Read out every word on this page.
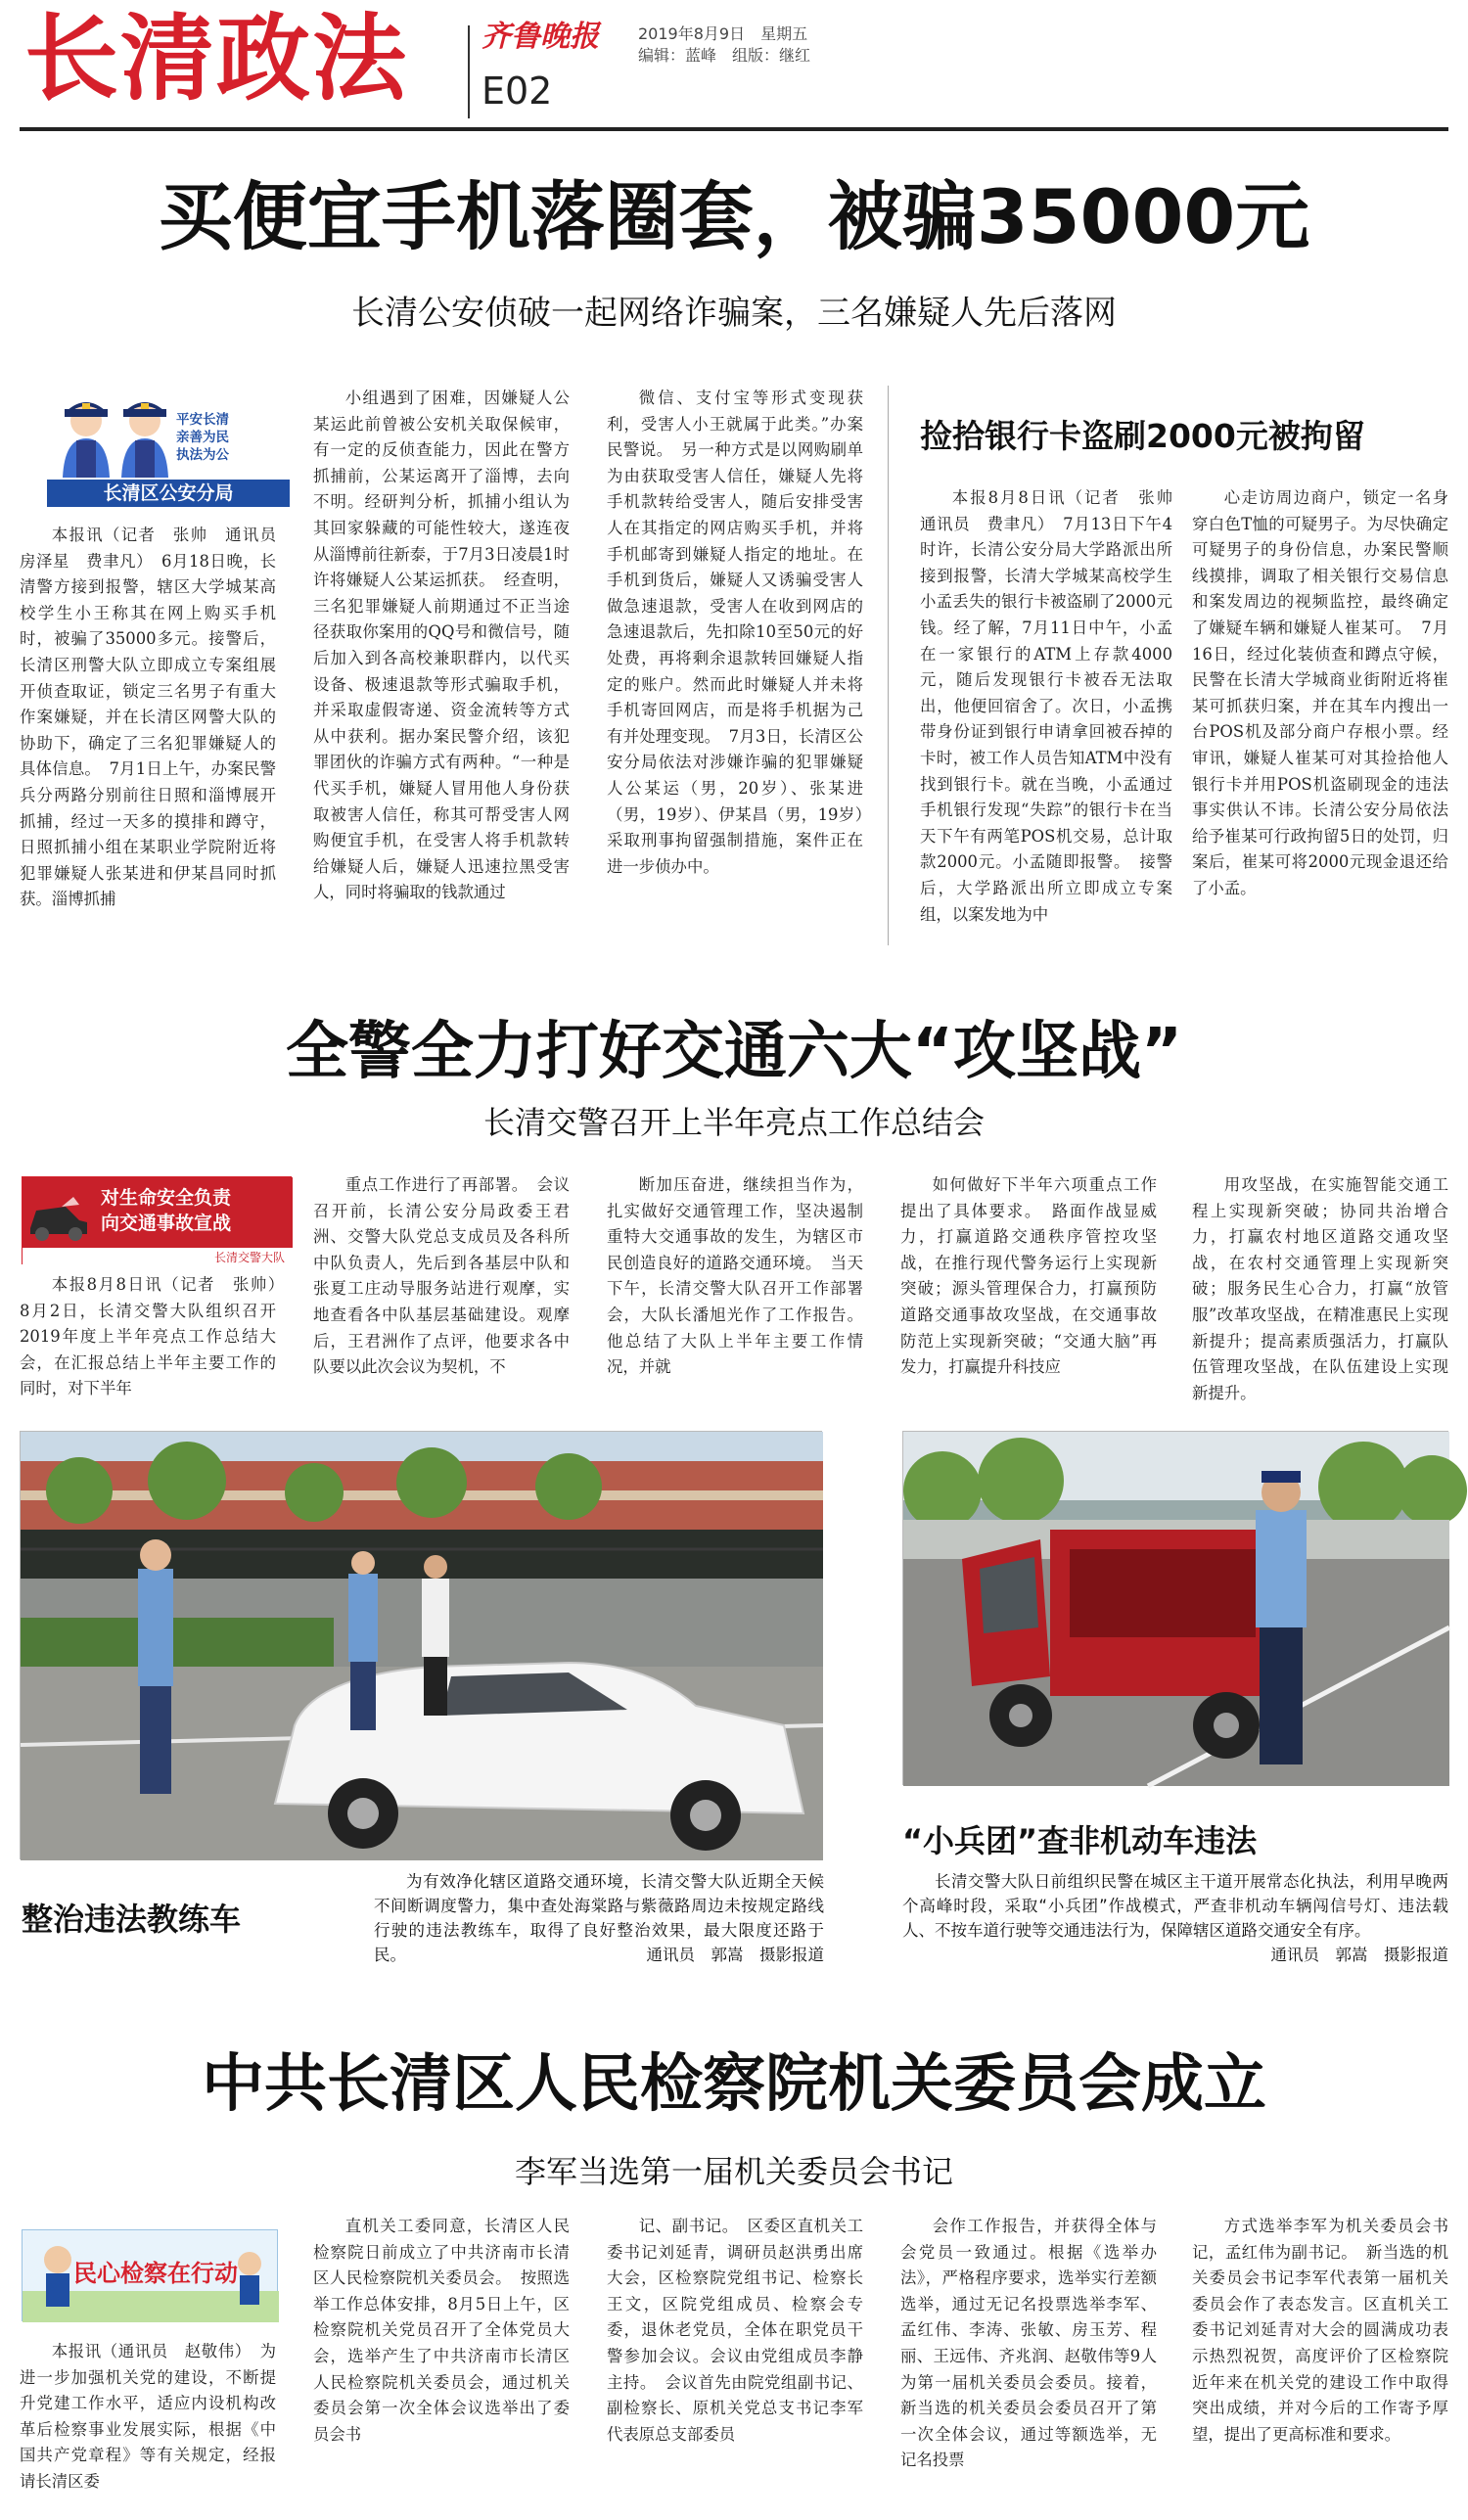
长清政法	齐鲁晚报
E02
2019年8月9日　星期五
编辑：蓝峰　组版：继红
买便宜手机落圈套，被骗35000元
长清公安侦破一起网络诈骗案，三名嫌疑人先后落网
平安长清
亲善为民
执法为公
长清区公安分局

本报讯（记者　张帅　通讯员　房泽星　费聿凡）　6月18日晚，长清警方接到报警，辖区大学城某高校学生小王称其在网上购买手机时，被骗了35000多元。接警后，长清区刑警大队立即成立专案组展开侦查取证，锁定三名男子有重大作案嫌疑，并在长清区网警大队的协助下，确定了三名犯罪嫌疑人的具体信息。　7月1日上午，办案民警兵分两路分别前往日照和淄博展开抓捕，经过一天多的摸排和蹲守，日照抓捕小组在某职业学院附近将犯罪嫌疑人张某进和伊某昌同时抓获。淄博抓捕

小组遇到了困难，因嫌疑人公某运此前曾被公安机关取保候审，有一定的反侦查能力，因此在警方抓捕前，公某运离开了淄博，去向不明。经研判分析，抓捕小组认为其回家躲藏的可能性较大，遂连夜从淄博前往新泰，于7月3日凌晨1时许将嫌疑人公某运抓获。　经查明，三名犯罪嫌疑人前期通过不正当途径获取你案用的QQ号和微信号，随后加入到各高校兼职群内，以代买设备、极速退款等形式骗取手机，并采取虚假寄递、资金流转等方式从中获利。据办案民警介绍，该犯罪团伙的诈骗方式有两种。“一种是代买手机，嫌疑人冒用他人身份获取被害人信任，称其可帮受害人网购便宜手机，在受害人将手机款转给嫌疑人后，嫌疑人迅速拉黑受害人，同时将骗取的钱款通过

微信、支付宝等形式变现获利，受害人小王就属于此类。”办案民警说。　另一种方式是以网购刷单为由获取受害人信任，嫌疑人先将手机款转给受害人，随后安排受害人在其指定的网店购买手机，并将手机邮寄到嫌疑人指定的地址。在手机到货后，嫌疑人又诱骗受害人做急速退款，受害人在收到网店的急速退款后，先扣除10至50元的好处费，再将剩余退款转回嫌疑人指定的账户。然而此时嫌疑人并未将手机寄回网店，而是将手机据为己有并处理变现。　7月3日，长清区公安分局依法对涉嫌诈骗的犯罪嫌疑人公某运（男，20岁）、张某进（男，19岁）、伊某昌（男，19岁）采取刑事拘留强制措施，案件正在进一步侦办中。

捡拾银行卡盗刷2000元被拘留

本报8月8日讯（记者　张帅　通讯员　费聿凡）　7月13日下午4时许，长清公安分局大学路派出所接到报警，长清大学城某高校学生小孟丢失的银行卡被盗刷了2000元钱。经了解，7月11日中午，小孟在一家银行的ATM上存款4000元，随后发现银行卡被吞无法取出，他便回宿舍了。次日，小孟携带身份证到银行申请拿回被吞掉的卡时，被工作人员告知ATM中没有找到银行卡。就在当晚，小孟通过手机银行发现“失踪”的银行卡在当天下午有两笔POS机交易，总计取款2000元。小孟随即报警。　接警后，大学路派出所立即成立专案组，以案发地为中

心走访周边商户，锁定一名身穿白色T恤的可疑男子。为尽快确定可疑男子的身份信息，办案民警顺线摸排，调取了相关银行交易信息和案发周边的视频监控，最终确定了嫌疑车辆和嫌疑人崔某可。　7月16日，经过化装侦查和蹲点守候，民警在长清大学城商业街附近将崔某可抓获归案，并在其车内搜出一台POS机及部分商户存根小票。经审讯，嫌疑人崔某可对其捡拾他人银行卡并用POS机盗刷现金的违法事实供认不讳。长清公安分局依法给予崔某可行政拘留5日的处罚，归案后，崔某可将2000元现金退还给了小孟。

全警全力打好交通六大“攻坚战”
长清交警召开上半年亮点工作总结会
对生命安全负责
向交通事故宣战
长清交警大队

本报8月8日讯（记者　张帅）　8月2日，长清交警大队组织召开2019年度上半年亮点工作总结大会，在汇报总结上半年主要工作的同时，对下半年

重点工作进行了再部署。　会议召开前，长清公安分局政委王君洲、交警大队党总支成员及各科所中队负责人，先后到各基层中队和张夏工庄动导服务站进行观摩，实地查看各中队基层基础建设。观摩后，王君洲作了点评，他要求各中队要以此次会议为契机，不

断加压奋进，继续担当作为，扎实做好交通管理工作，坚决遏制重特大交通事故的发生，为辖区市民创造良好的道路交通环境。　当天下午，长清交警大队召开工作部署会，大队长潘旭光作了工作报告。他总结了大队上半年主要工作情况，并就

如何做好下半年六项重点工作提出了具体要求。　路面作战显威力，打赢道路交通秩序管控攻坚战，在推行现代警务运行上实现新突破；源头管理保合力，打赢预防道路交通事故攻坚战，在交通事故防范上实现新突破；“交通大脑”再发力，打赢提升科技应

用攻坚战，在实施智能交通工程上实现新突破；协同共治增合力，打赢农村地区道路交通攻坚战，在农村交通管理上实现新突破；服务民生心合力，打赢“放管服”改革攻坚战，在精准惠民上实现新提升；提高素质强活力，打赢队伍管理攻坚战，在队伍建设上实现新提升。

整治违法教练车
为有效净化辖区道路交通环境，长清交警大队近期全天候不间断调度警力，集中查处海棠路与紫薇路周边未按规定路线行驶的违法教练车，取得了良好整治效果，最大限度还路于民。	通讯员　郭嵩　摄影报道
“小兵团”查非机动车违法
长清交警大队日前组织民警在城区主干道开展常态化执法，利用早晚两个高峰时段，采取“小兵团”作战模式，严查非机动车辆闯信号灯、违法载人、不按车道行驶等交通违法行为，保障辖区道路交通安全有序。
通讯员　郭嵩　摄影报道
中共长清区人民检察院机关委员会成立
李军当选第一届机关委员会书记
民心检察在行动

本报讯（通讯员　赵敬伟）　为进一步加强机关党的建设，不断提升党建工作水平，适应内设机构改革后检察事业发展实际，根据《中国共产党章程》等有关规定，经报请长清区委

直机关工委同意，长清区人民检察院日前成立了中共济南市长清区人民检察院机关委员会。　按照选举工作总体安排，8月5日上午，区检察院机关党员召开了全体党员大会，选举产生了中共济南市长清区人民检察院机关委员会，通过机关委员会第一次全体会议选举出了委员会书

记、副书记。　区委区直机关工委书记刘延青，调研员赵洪勇出席大会，区检察院党组书记、检察长王文，区院党组成员、检察会专委，退休老党员，全体在职党员干警参加会议。会议由党组成员李静主持。　会议首先由院党组副书记、副检察长、原机关党总支书记李军代表原总支部委员

会作工作报告，并获得全体与会党员一致通过。根据《选举办法》，严格程序要求，选举实行差额选举，通过无记名投票选举李军、孟红伟、李涛、张敏、房玉芳、程丽、王远伟、齐兆润、赵敬伟等9人为第一届机关委员会委员。接着，新当选的机关委员会委员召开了第一次全体会议，通过等额选举，无记名投票

方式选举李军为机关委员会书记，孟红伟为副书记。　新当选的机关委员会书记李军代表第一届机关委员会作了表态发言。区直机关工委书记刘延青对大会的圆满成功表示热烈祝贺，高度评价了区检察院近年来在机关党的建设工作中取得突出成绩，并对今后的工作寄予厚望，提出了更高标准和要求。
